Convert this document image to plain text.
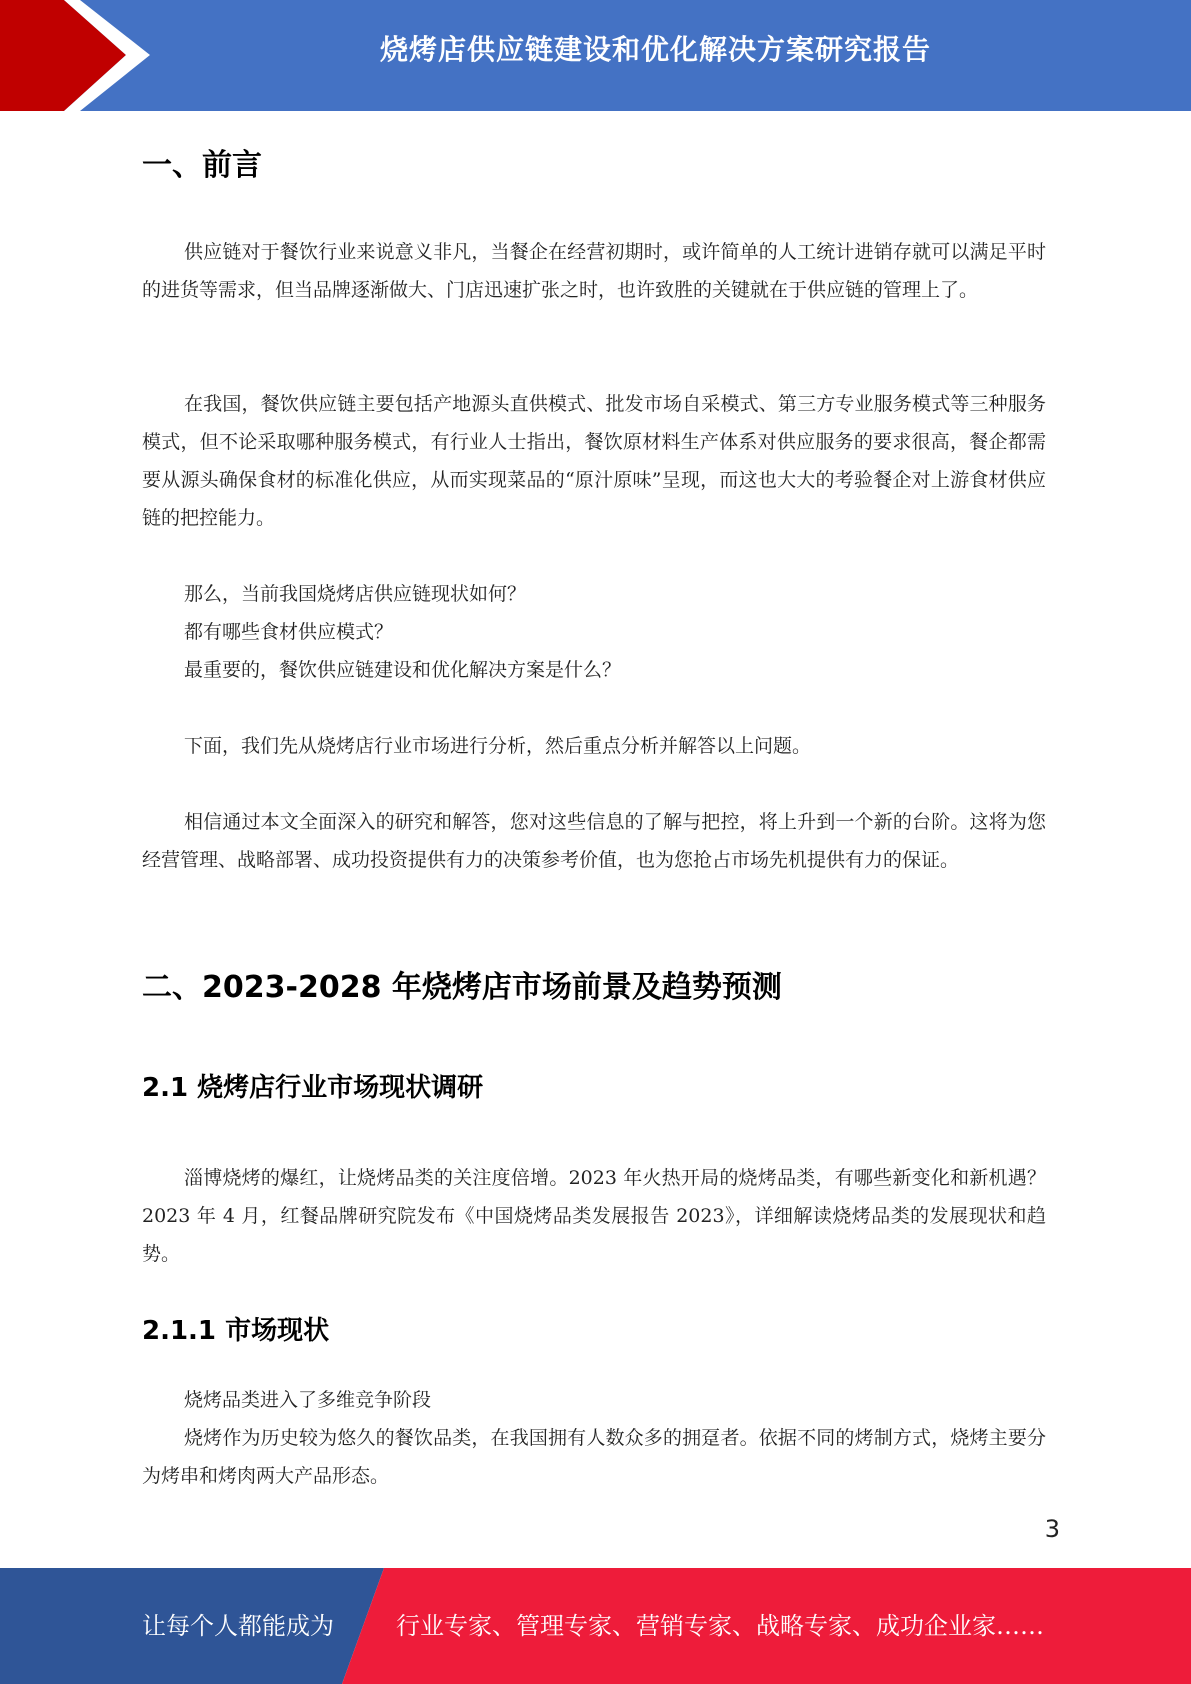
烧烤店供应链建设和优化解决方案研究报告
一、前言

供应链对于餐饮行业来说意义非凡，当餐企在经营初期时，或许简单的人工统计进销存就可以满足平时的进货等需求，但当品牌逐渐做大、门店迅速扩张之时，也许致胜的关键就在于供应链的管理上了。

在我国，餐饮供应链主要包括产地源头直供模式、批发市场自采模式、第三方专业服务模式等三种服务模式，但不论采取哪种服务模式，有行业人士指出，餐饮原材料生产体系对供应服务的要求很高，餐企都需要从源头确保食材的标准化供应，从而实现菜品的“原汁原味”呈现，而这也大大的考验餐企对上游食材供应链的把控能力。

那么，当前我国烧烤店供应链现状如何？
都有哪些食材供应模式？
最重要的，餐饮供应链建设和优化解决方案是什么？

下面，我们先从烧烤店行业市场进行分析，然后重点分析并解答以上问题。

相信通过本文全面深入的研究和解答，您对这些信息的了解与把控，将上升到一个新的台阶。这将为您经营管理、战略部署、成功投资提供有力的决策参考价值，也为您抢占市场先机提供有力的保证。

二、2023-2028 年烧烤店市场前景及趋势预测
2.1 烧烤店行业市场现状调研

淄博烧烤的爆红，让烧烤品类的关注度倍增。2023 年火热开局的烧烤品类，有哪些新变化和新机遇？2023 年 4 月，红餐品牌研究院发布《中国烧烤品类发展报告 2023》，详细解读烧烤品类的发展现状和趋势。

2.1.1 市场现状
烧烤品类进入了多维竞争阶段

烧烤作为历史较为悠久的餐饮品类，在我国拥有人数众多的拥趸者。依据不同的烤制方式，烧烤主要分为烤串和烤肉两大产品形态。

3
让每个人都能成为	行业专家、管理专家、营销专家、战略专家、成功企业家……
